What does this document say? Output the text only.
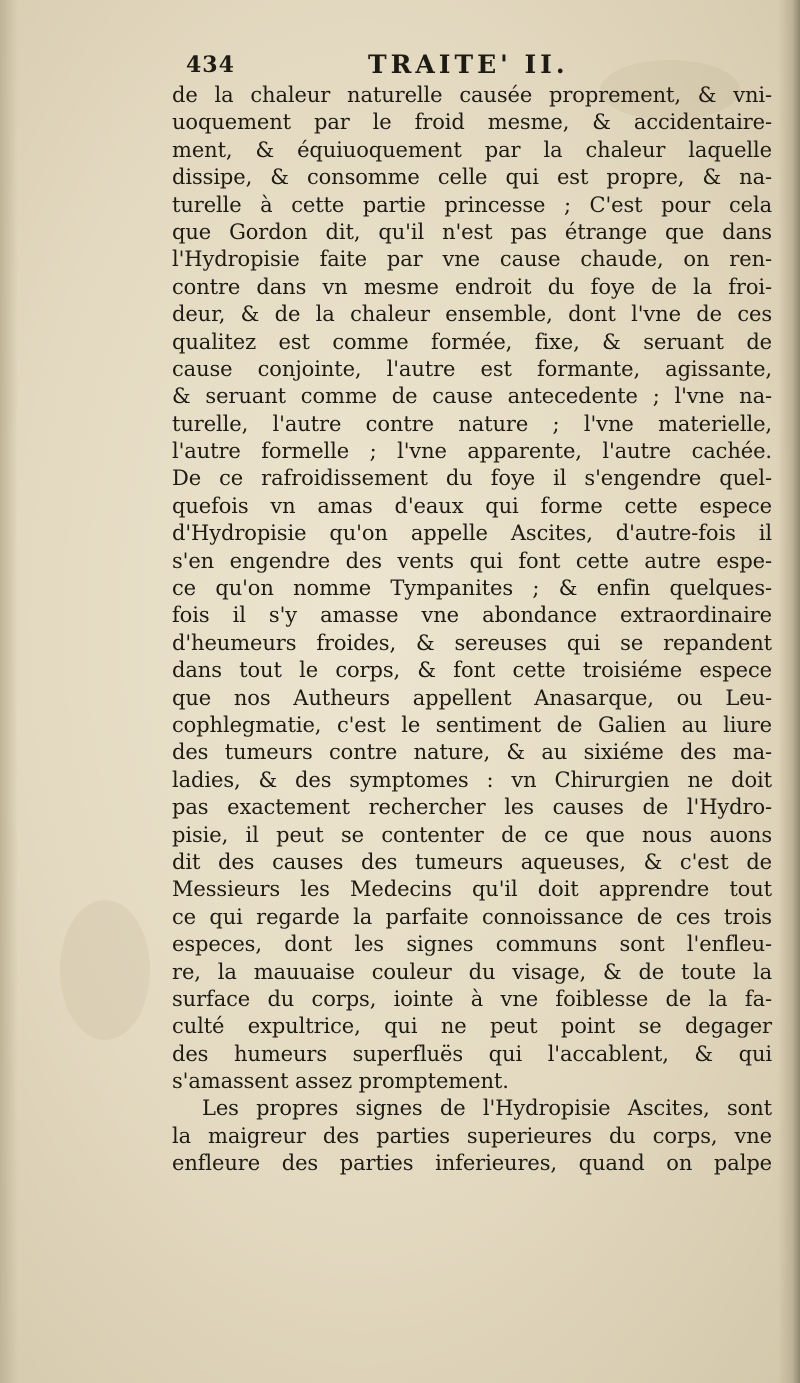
434	TRAITE' II.
de la chaleur naturelle causée proprement, & vni-
uoquement par le froid mesme, & accidentaire-
ment, & équiuoquement par la chaleur laquelle
dissipe, & consomme celle qui est propre, & na-
turelle à cette partie princesse ; C'est pour cela
que Gordon dit, qu'il n'est pas étrange que dans
l'Hydropisie faite par vne cause chaude, on ren-
contre dans vn mesme endroit du foye de la froi-
deur, & de la chaleur ensemble, dont l'vne de ces
qualitez est comme formée, fixe, & seruant de
cause conjointe, l'autre est formante, agissante,
& seruant comme de cause antecedente ; l'vne na-
turelle, l'autre contre nature ; l'vne materielle,
l'autre formelle ; l'vne apparente, l'autre cachée.
De ce rafroidissement du foye il s'engendre quel-
quefois vn amas d'eaux qui forme cette espece
d'Hydropisie qu'on appelle Ascites, d'autre-fois il
s'en engendre des vents qui font cette autre espe-
ce qu'on nomme Tympanites ; & enfin quelques-
fois il s'y amasse vne abondance extraordinaire
d'heumeurs froides, & sereuses qui se repandent
dans tout le corps, & font cette troisiéme espece
que nos Autheurs appellent Anasarque, ou Leu-
cophlegmatie, c'est le sentiment de Galien au liure
des tumeurs contre nature, & au sixiéme des ma-
ladies, & des symptomes : vn Chirurgien ne doit
pas exactement rechercher les causes de l'Hydro-
pisie, il peut se contenter de ce que nous auons
dit des causes des tumeurs aqueuses, & c'est de
Messieurs les Medecins qu'il doit apprendre tout
ce qui regarde la parfaite connoissance de ces trois
especes, dont les signes communs sont l'enfleu-
re, la mauuaise couleur du visage, & de toute la
surface du corps, iointe à vne foiblesse de la fa-
culté expultrice, qui ne peut point se degager
des humeurs superfluës qui l'accablent, & qui
s'amassent assez promptement.
Les propres signes de l'Hydropisie Ascites, sont
la maigreur des parties superieures du corps, vne
enfleure des parties inferieures, quand on palpe
